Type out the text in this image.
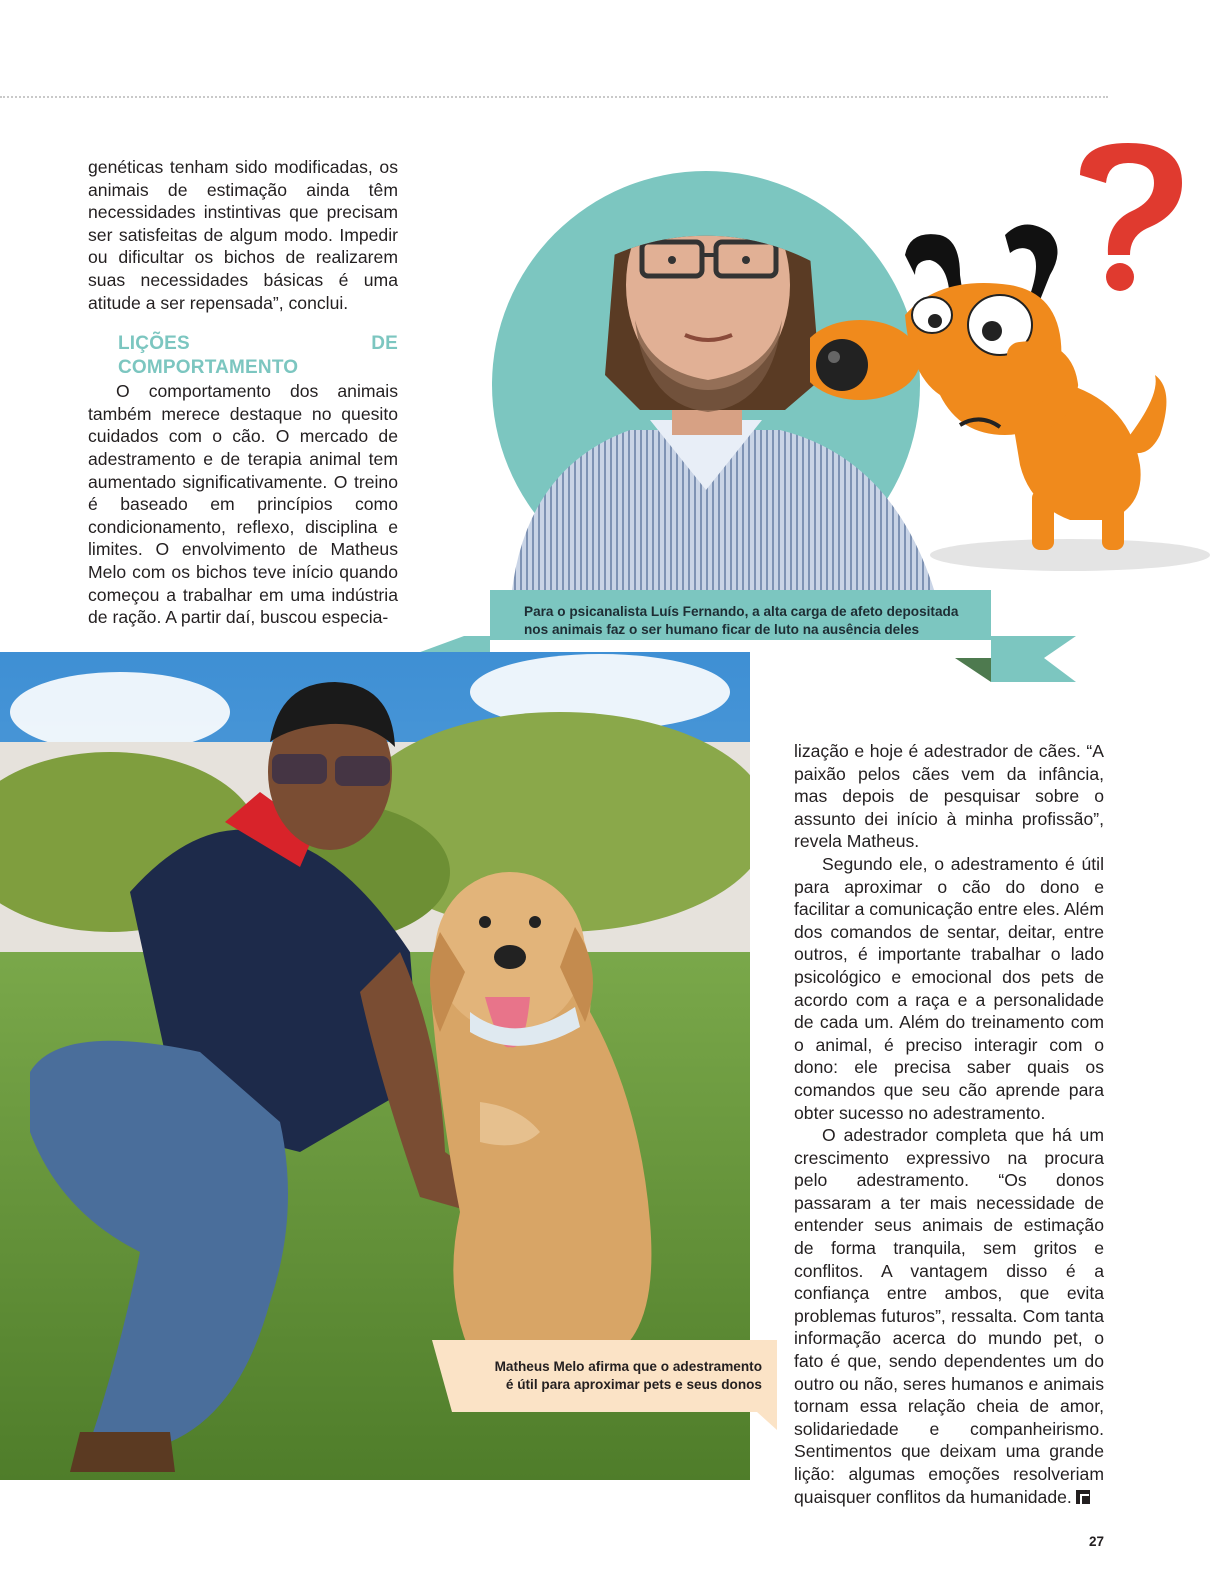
genéticas tenham sido modificadas, os animais de estimação ainda têm necessidades instintivas que precisam ser satisfeitas de algum modo. Impedir ou dificultar os bichos de realizarem suas necessidades básicas é uma atitude a ser repensada”, conclui.

LIÇÕES DE COMPORTAMENTO

O comportamento dos animais também merece destaque no quesito cuidados com o cão. O mercado de adestramento e de terapia animal tem aumentado significativamente. O treino é baseado em princípios como condicionamento, reflexo, disciplina e limites. O envolvimento de Matheus Melo com os bichos teve início quando começou a trabalhar em uma indústria de ração. A partir daí, buscou especia-	Para o psicanalista Luís Fernando, a alta carga de afeto depositada
nos animais faz o ser humano ficar de luto na ausência deles
Matheus Melo afirma que o adestramento
é útil para aproximar pets e seus donos

lização e hoje é adestrador de cães. “A paixão pelos cães vem da infância, mas depois de pesquisar sobre o assunto dei início à minha profissão”, revela Matheus.

Segundo ele, o adestramento é útil para aproximar o cão do dono e facilitar a comunicação entre eles. Além dos comandos de sentar, deitar, entre outros, é importante trabalhar o lado psicológico e emocional dos pets de acordo com a raça e a personalidade de cada um. Além do treinamento com o animal, é preciso interagir com o dono: ele precisa saber quais os comandos que seu cão aprende para obter sucesso no adestramento.

O adestrador completa que há um crescimento expressivo na procura pelo adestramento. “Os donos passaram a ter mais necessidade de entender seus animais de estimação de forma tranquila, sem gritos e conflitos. A vantagem disso é a confiança entre ambos, que evita problemas futuros”, ressalta. Com tanta informação acerca do mundo pet, o fato é que, sendo dependentes um do outro ou não, seres humanos e animais tornam essa relação cheia de amor, solidariedade e companheirismo. Sentimentos que deixam uma grande lição: algumas emoções resolveriam quaisquer conflitos da humanidade.

27
